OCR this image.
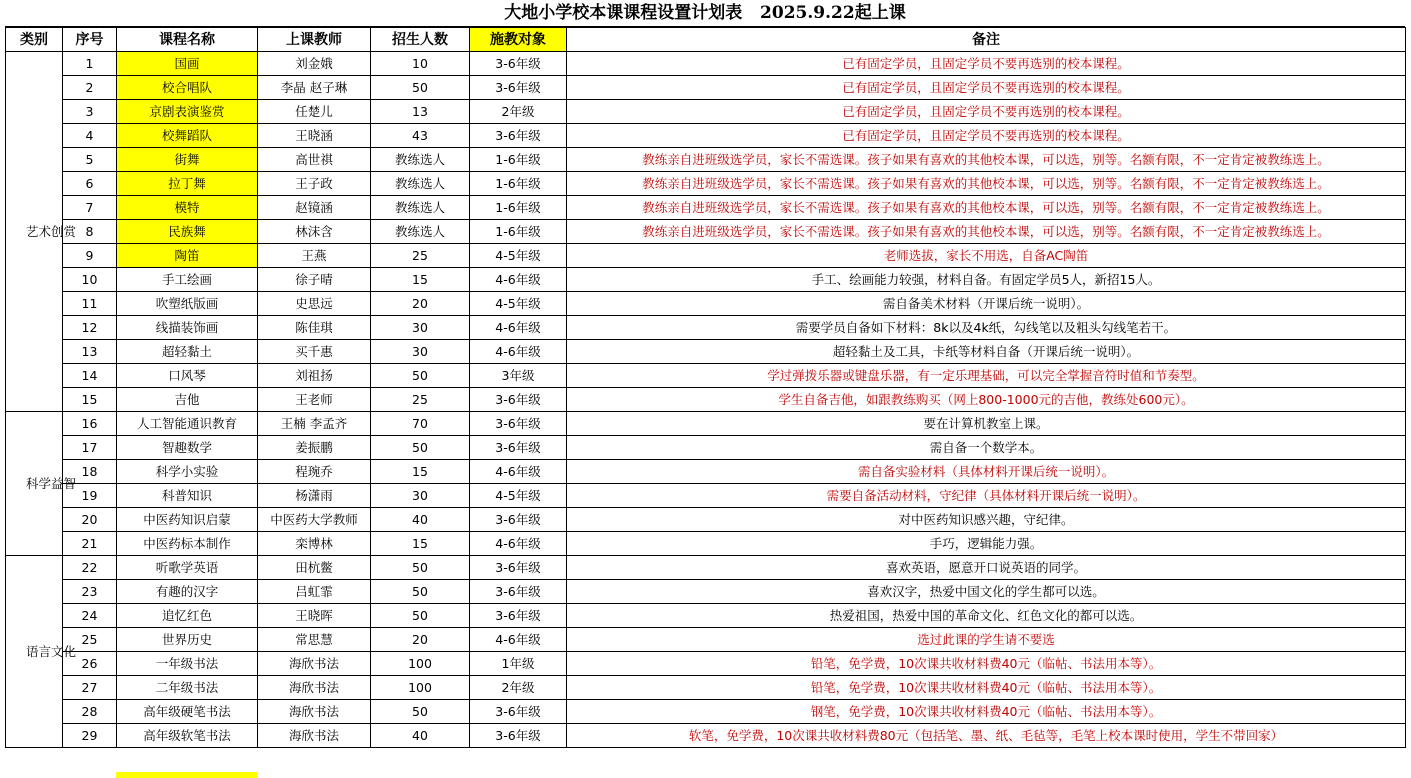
大地小学校本课课程设置计划表   2025.9.22起上课
类别	序号	课程名称	上课教师	招生人数	施教对象	备注
艺术创赏	1	国画	刘金娥	10	3-6年级	已有固定学员，且固定学员不要再选别的校本课程。
	2	校合唱队	李晶 赵子琳	50	3-6年级	已有固定学员，且固定学员不要再选别的校本课程。
	3	京剧表演鉴赏	任楚儿	13	2年级	已有固定学员，且固定学员不要再选别的校本课程。
	4	校舞蹈队	王晓涵	43	3-6年级	已有固定学员，且固定学员不要再选别的校本课程。
	5	街舞	高世祺	教练选人	1-6年级	教练亲自进班级选学员，家长不需选课。孩子如果有喜欢的其他校本课，可以选，别等。名额有限，不一定肯定被教练选上。
	6	拉丁舞	王子政	教练选人	1-6年级	教练亲自进班级选学员，家长不需选课。孩子如果有喜欢的其他校本课，可以选，别等。名额有限，不一定肯定被教练选上。
	7	模特	赵镜涵	教练选人	1-6年级	教练亲自进班级选学员，家长不需选课。孩子如果有喜欢的其他校本课，可以选，别等。名额有限，不一定肯定被教练选上。
	8	民族舞	林沫含	教练选人	1-6年级	教练亲自进班级选学员，家长不需选课。孩子如果有喜欢的其他校本课，可以选，别等。名额有限，不一定肯定被教练选上。
	9	陶笛	王燕	25	4-5年级	老师选拔，家长不用选，自备AC陶笛
	10	手工绘画	徐子晴	15	4-6年级	手工、绘画能力较强，材料自备。有固定学员5人，新招15人。
	11	吹塑纸版画	史思远	20	4-5年级	需自备美术材料（开课后统一说明）。
	12	线描装饰画	陈佳琪	30	4-6年级	需要学员自备如下材料：8k以及4k纸，勾线笔以及粗头勾线笔若干。
	13	超轻黏土	买千惠	30	4-6年级	超轻黏土及工具，卡纸等材料自备（开课后统一说明）。
	14	口风琴	刘祖扬	50	3年级	学过弹拨乐器或键盘乐器，有一定乐理基础，可以完全掌握音符时值和节奏型。
	15	吉他	王老师	25	3-6年级	学生自备吉他，如跟教练购买（网上800-1000元的吉他，教练处600元）。
科学益智	16	人工智能通识教育	王楠 李孟齐	70	3-6年级	要在计算机教室上课。
	17	智趣数学	姜振鹏	50	3-6年级	需自备一个数学本。
	18	科学小实验	程琬乔	15	4-6年级	需自备实验材料（具体材料开课后统一说明）。
	19	科普知识	杨潇雨	30	4-5年级	需要自备活动材料，守纪律（具体材料开课后统一说明）。
	20	中医药知识启蒙	中医药大学教师	40	3-6年级	对中医药知识感兴趣，守纪律。
	21	中医药标本制作	栾博林	15	4-6年级	手巧，逻辑能力强。
语言文化	22	听歌学英语	田杭鳖	50	3-6年级	喜欢英语，愿意开口说英语的同学。
	23	有趣的汉字	吕虹霏	50	3-6年级	喜欢汉字，热爱中国文化的学生都可以选。
	24	追忆红色	王晓晖	50	3-6年级	热爱祖国，热爱中国的革命文化、红色文化的都可以选。
	25	世界历史	常思慧	20	4-6年级	选过此课的学生请不要选
	26	一年级书法	海欣书法	100	1年级	铅笔，免学费，10次课共收材料费40元（临帖、书法用本等）。
	27	二年级书法	海欣书法	100	2年级	铅笔，免学费，10次课共收材料费40元（临帖、书法用本等）。
	28	高年级硬笔书法	海欣书法	50	3-6年级	钢笔，免学费，10次课共收材料费40元（临帖、书法用本等）。
	29	高年级软笔书法	海欣书法	40	3-6年级	软笔，免学费，10次课共收材料费80元（包括笔、墨、纸、毛毡等，毛笔上校本课时使用，学生不带回家）
